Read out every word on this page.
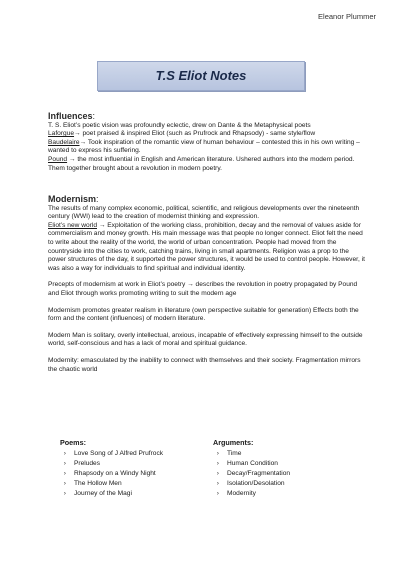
Eleanor Plummer
T.S Eliot Notes
Influences:

T. S. Eliot’s poetic vision was profoundly eclectic, drew on Dante & the Metaphysical poets

Laforgue→ poet praised & inspired Eliot (such as Prufrock and Rhapsody) - same style/flow

Baudelaire→ Took inspiration of the romantic view of human behaviour – contested this in his own writing – wanted to express his suffering.

Pound → the most influential in English and American literature. Ushered authors into the modern period. Them together brought about a revolution in modern poetry.

Modernism:

The results of many complex economic, political, scientific, and religious developments over the nineteenth century (WWI) lead to the creation of modernist thinking and expression.
Eliot’s new world → Exploitation of the working class, prohibition, decay and the removal of values aside for commercialism and money growth. His main message was that people no longer connect. Eliot felt the need to write about the reality of the world, the world of urban concentration. People had moved from the countryside into the cities to work, catching trains, living in small apartments. Religion was a prop to the power structures of the day, it supported the power structures, it would be used to control people. However, it was also a way for individuals to find spiritual and individual identity.

Precepts of modernism at work in Eliot’s poetry → describes the revolution in poetry propagated by Pound and Eliot through works promoting writing to suit the modern age

Modernism promotes greater realism in literature (own perspective suitable for generation) Effects both the form and the content (influences) of modern literature.

Modern Man is solitary, overly intellectual, anxious, incapable of effectively expressing himself to the outside world, self-conscious and has a lack of moral and spiritual guidance.

Modernity: emasculated by the inability to connect with themselves and their society. Fragmentation mirrors the chaotic world

Poems:
› Love Song of J Alfred Prufrock
› Preludes
› Rhapsody on a Windy Night
› The Hollow Men
› Journey of the Magi
Arguments:
› Time
› Human Condition
› Decay/Fragmentation
› Isolation/Desolation
› Modernity
